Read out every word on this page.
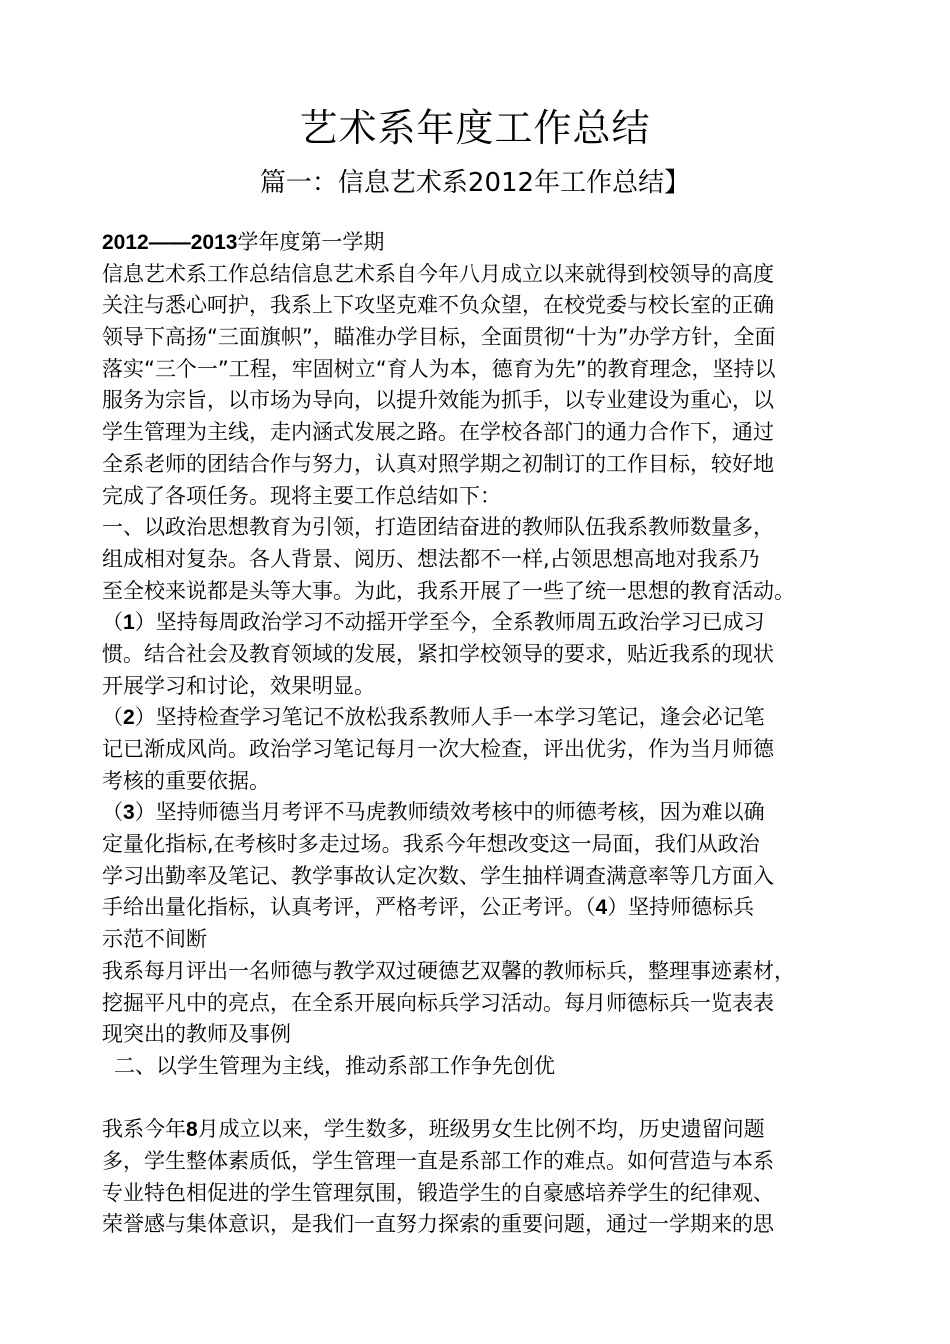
艺术系年度工作总结
篇一：信息艺术系2012年工作总结】
2012——2013学年度第一学期
信息艺术系工作总结信息艺术系自今年八月成立以来就得到校领导的高度
关注与悉心呵护，我系上下攻坚克难不负众望，在校党委与校长室的正确
领导下高扬“三面旗帜”，瞄准办学目标，全面贯彻“十为”办学方针，全面
落实“三个一”工程，牢固树立“育人为本，德育为先”的教育理念，坚持以
服务为宗旨，以市场为导向，以提升效能为抓手，以专业建设为重心，以
学生管理为主线，走内涵式发展之路。在学校各部门的通力合作下，通过
全系老师的团结合作与努力，认真对照学期之初制订的工作目标，较好地
完成了各项任务。现将主要工作总结如下：
一、以政治思想教育为引领，打造团结奋进的教师队伍我系教师数量多，
组成相对复杂。各人背景、阅历、想法都不一样,占领思想高地对我系乃
至全校来说都是头等大事。为此，我系开展了一些了统一思想的教育活动。
（1）坚持每周政治学习不动摇开学至今，全系教师周五政治学习已成习
惯。结合社会及教育领域的发展，紧扣学校领导的要求，贴近我系的现状
开展学习和讨论，效果明显。
（2）坚持检查学习笔记不放松我系教师人手一本学习笔记，逢会必记笔
记已渐成风尚。政治学习笔记每月一次大检查，评出优劣，作为当月师德
考核的重要依据。
（3）坚持师德当月考评不马虎教师绩效考核中的师德考核，因为难以确
定量化指标,在考核时多走过场。我系今年想改变这一局面，我们从政治
学习出勤率及笔记、教学事故认定次数、学生抽样调查满意率等几方面入
手给出量化指标，认真考评，严格考评，公正考评。（4）坚持师德标兵
示范不间断
我系每月评出一名师德与教学双过硬德艺双馨的教师标兵，整理事迹素材，
挖掘平凡中的亮点，在全系开展向标兵学习活动。每月师德标兵一览表表
现突出的教师及事例
二、以学生管理为主线，推动系部工作争先创优
我系今年8月成立以来，学生数多，班级男女生比例不均，历史遗留问题
多，学生整体素质低，学生管理一直是系部工作的难点。如何营造与本系
专业特色相促进的学生管理氛围，锻造学生的自豪感培养学生的纪律观、
荣誉感与集体意识，是我们一直努力探索的重要问题，通过一学期来的思
